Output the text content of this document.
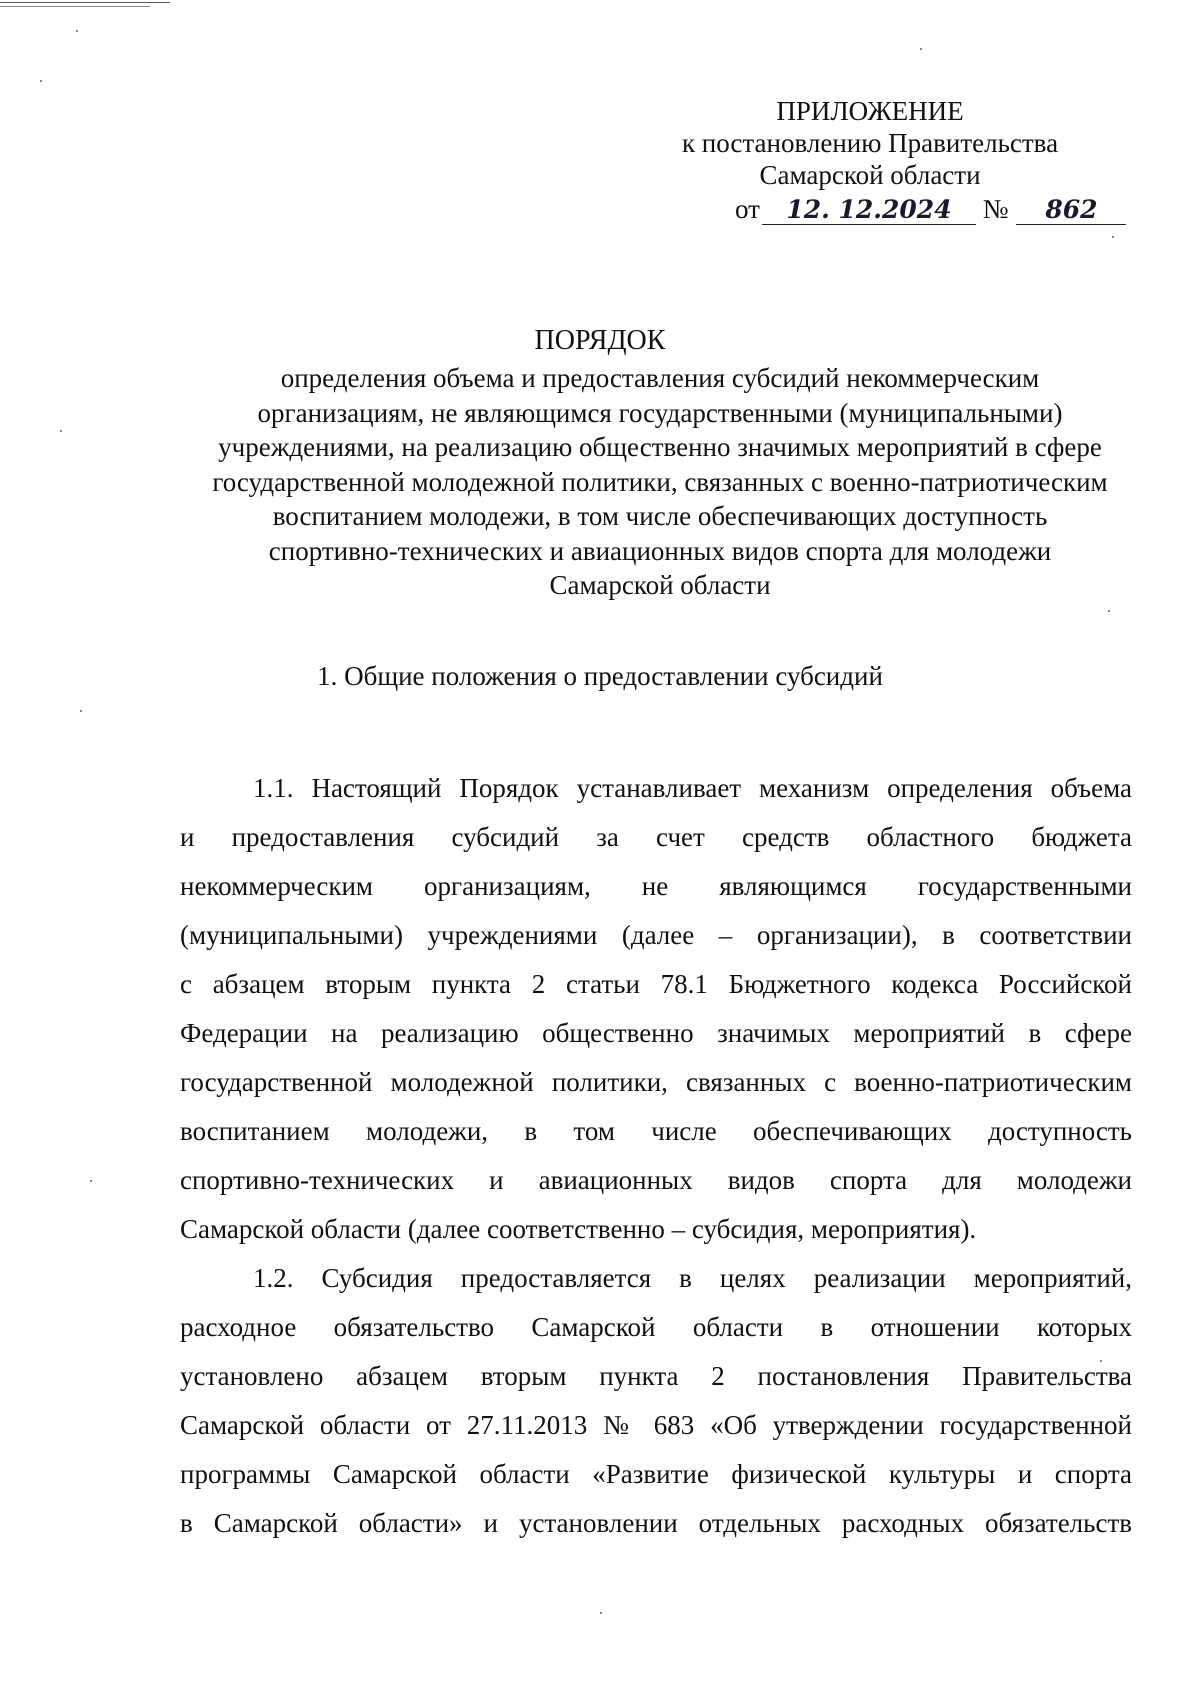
ПРИЛОЖЕНИЕ
к постановлению Правительства
Самарской области
от 12. 12.2024 № 862
ПОРЯДОК
определения объема и предоставления субсидий некоммерческим
организациям, не являющимся государственными (муниципальными)
учреждениями, на реализацию общественно значимых мероприятий в сфере
государственной молодежной политики, связанных с военно-патриотическим
воспитанием молодежи, в том числе обеспечивающих доступность
спортивно-технических и авиационных видов спорта для молодежи
Самарской области
1. Общие положения о предоставлении субсидий
1.1. Настоящий Порядок устанавливает механизм определения объема
и предоставления субсидий за счет средств областного бюджета
некоммерческим организациям, не являющимся государственными
(муниципальными) учреждениями (далее – организации), в соответствии
с абзацем вторым пункта 2 статьи 78.1 Бюджетного кодекса Российской
Федерации на реализацию общественно значимых мероприятий в сфере
государственной молодежной политики, связанных с военно-патриотическим
воспитанием молодежи, в том числе обеспечивающих доступность
спортивно-технических и авиационных видов спорта для молодежи
Самарской области (далее соответственно – субсидия, мероприятия).
1.2. Субсидия предоставляется в целях реализации мероприятий,
расходное обязательство Самарской области в отношении которых
установлено абзацем вторым пункта 2 постановления Правительства
Самарской области от 27.11.2013 № 683 «Об утверждении государственной
программы Самарской области «Развитие физической культуры и спорта
в Самарской области» и установлении отдельных расходных обязательств
